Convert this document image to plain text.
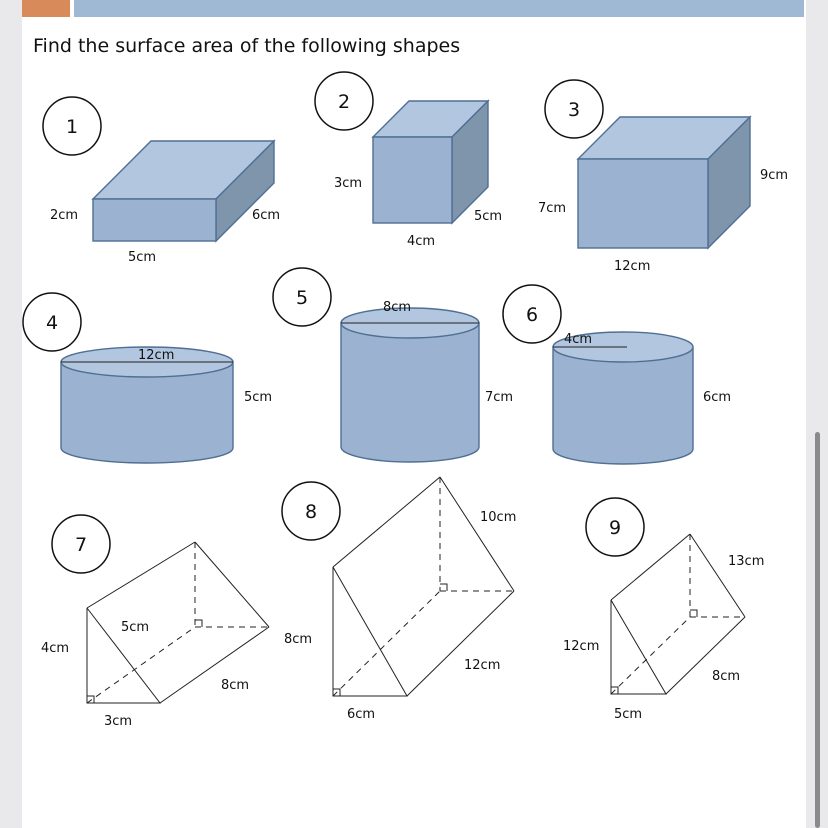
Find the surface area of the following shapes
1
2cm	6cm
5cm
2
3cm
5cm
4cm
3
9cm
7cm
12cm
4
12cm
5cm
5	8cm
7cm
6
4cm
6cm
7
5cm
4cm
8cm
3cm
8	10cm
8cm
12cm
6cm
9
13cm
12cm
8cm
5cm
